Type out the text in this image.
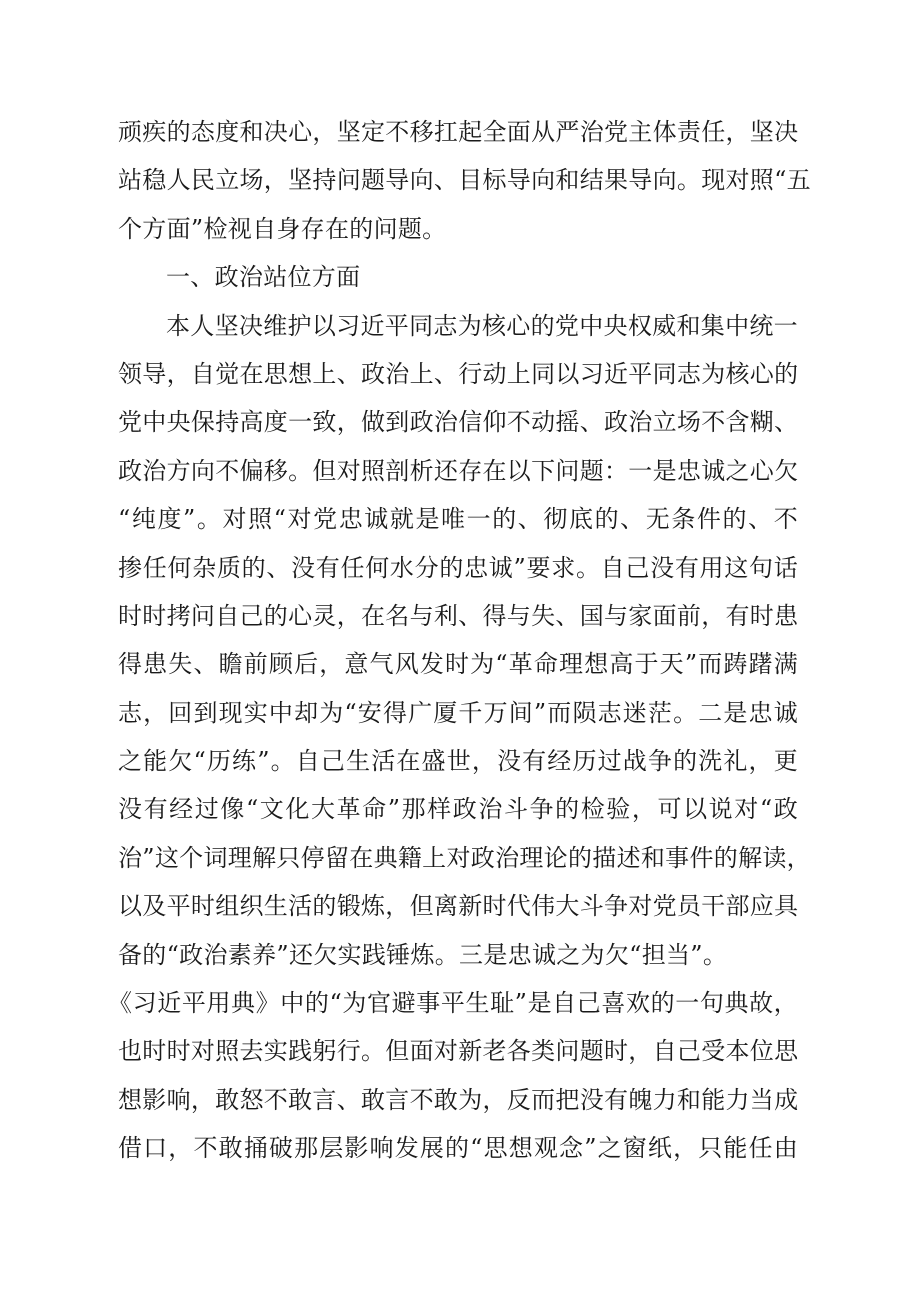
顽疾的态度和决心，坚定不移扛起全面从严治党主体责任，坚决
站稳人民立场，坚持问题导向、目标导向和结果导向。现对照“五
个方面”检视自身存在的问题。
一、政治站位方面
本人坚决维护以习近平同志为核心的党中央权威和集中统一
领导，自觉在思想上、政治上、行动上同以习近平同志为核心的
党中央保持高度一致，做到政治信仰不动摇、政治立场不含糊、
政治方向不偏移。但对照剖析还存在以下问题：一是忠诚之心欠
“纯度”。对照“对党忠诚就是唯一的、彻底的、无条件的、不
掺任何杂质的、没有任何水分的忠诚”要求。自己没有用这句话
时时拷问自己的心灵，在名与利、得与失、国与家面前，有时患
得患失、瞻前顾后，意气风发时为“革命理想高于天”而踌躇满
志，回到现实中却为“安得广厦千万间”而陨志迷茫。二是忠诚
之能欠“历练”。自己生活在盛世，没有经历过战争的洗礼，更
没有经过像“文化大革命”那样政治斗争的检验，可以说对“政
治”这个词理解只停留在典籍上对政治理论的描述和事件的解读，
以及平时组织生活的锻炼，但离新时代伟大斗争对党员干部应具
备的“政治素养”还欠实践锤炼。三是忠诚之为欠“担当”。
《习近平用典》中的“为官避事平生耻”是自己喜欢的一句典故，
也时时对照去实践躬行。但面对新老各类问题时，自己受本位思
想影响，敢怒不敢言、敢言不敢为，反而把没有魄力和能力当成
借口，不敢捅破那层影响发展的“思想观念”之窗纸，只能任由
